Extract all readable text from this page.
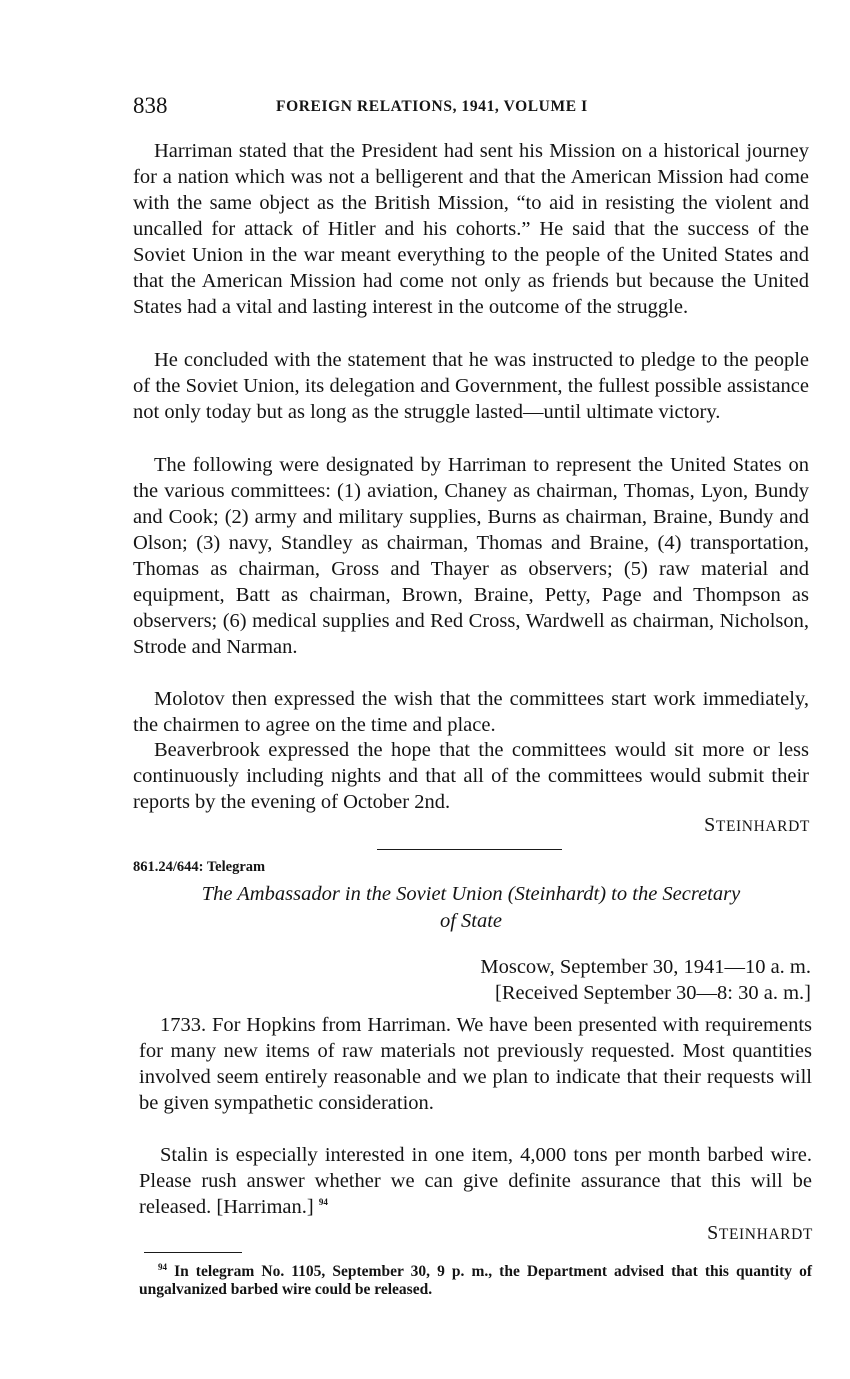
838	FOREIGN RELATIONS, 1941, VOLUME I

Harriman stated that the President had sent his Mission on a historical journey for a nation which was not a belligerent and that the American Mission had come with the same object as the British Mission, “to aid in resisting the violent and uncalled for attack of Hitler and his cohorts.” He said that the success of the Soviet Union in the war meant everything to the people of the United States and that the American Mission had come not only as friends but because the United States had a vital and lasting interest in the outcome of the struggle.

He concluded with the statement that he was instructed to pledge to the people of the Soviet Union, its delegation and Government, the fullest possible assistance not only today but as long as the struggle lasted—until ultimate victory.

The following were designated by Harriman to represent the United States on the various committees: (1) aviation, Chaney as chairman, Thomas, Lyon, Bundy and Cook; (2) army and military supplies, Burns as chairman, Braine, Bundy and Olson; (3) navy, Standley as chairman, Thomas and Braine, (4) transportation, Thomas as chairman, Gross and Thayer as observers; (5) raw material and equipment, Batt as chairman, Brown, Braine, Petty, Page and Thompson as observers; (6) medical supplies and Red Cross, Wardwell as chairman, Nicholson, Strode and Narman.

Molotov then expressed the wish that the committees start work immediately, the chairmen to agree on the time and place.

Beaverbrook expressed the hope that the committees would sit more or less continuously including nights and that all of the committees would submit their reports by the evening of October 2nd.

STEINHARDT
861.24/644: Telegram
The Ambassador in the Soviet Union (Steinhardt) to the Secretary
of State
Moscow, September 30, 1941—10 a. m.
[Received September 30—8: 30 a. m.]

1733. For Hopkins from Harriman. We have been presented with requirements for many new items of raw materials not previously requested. Most quantities involved seem entirely reasonable and we plan to indicate that their requests will be given sympathetic consideration.

Stalin is especially interested in one item, 4,000 tons per month barbed wire. Please rush answer whether we can give definite assurance that this will be released. [Harriman.] $^{94}$

STEINHARDT

$^{94}$ In telegram No. 1105, September 30, 9 p. m., the Department advised that this quantity of ungalvanized barbed wire could be released.
